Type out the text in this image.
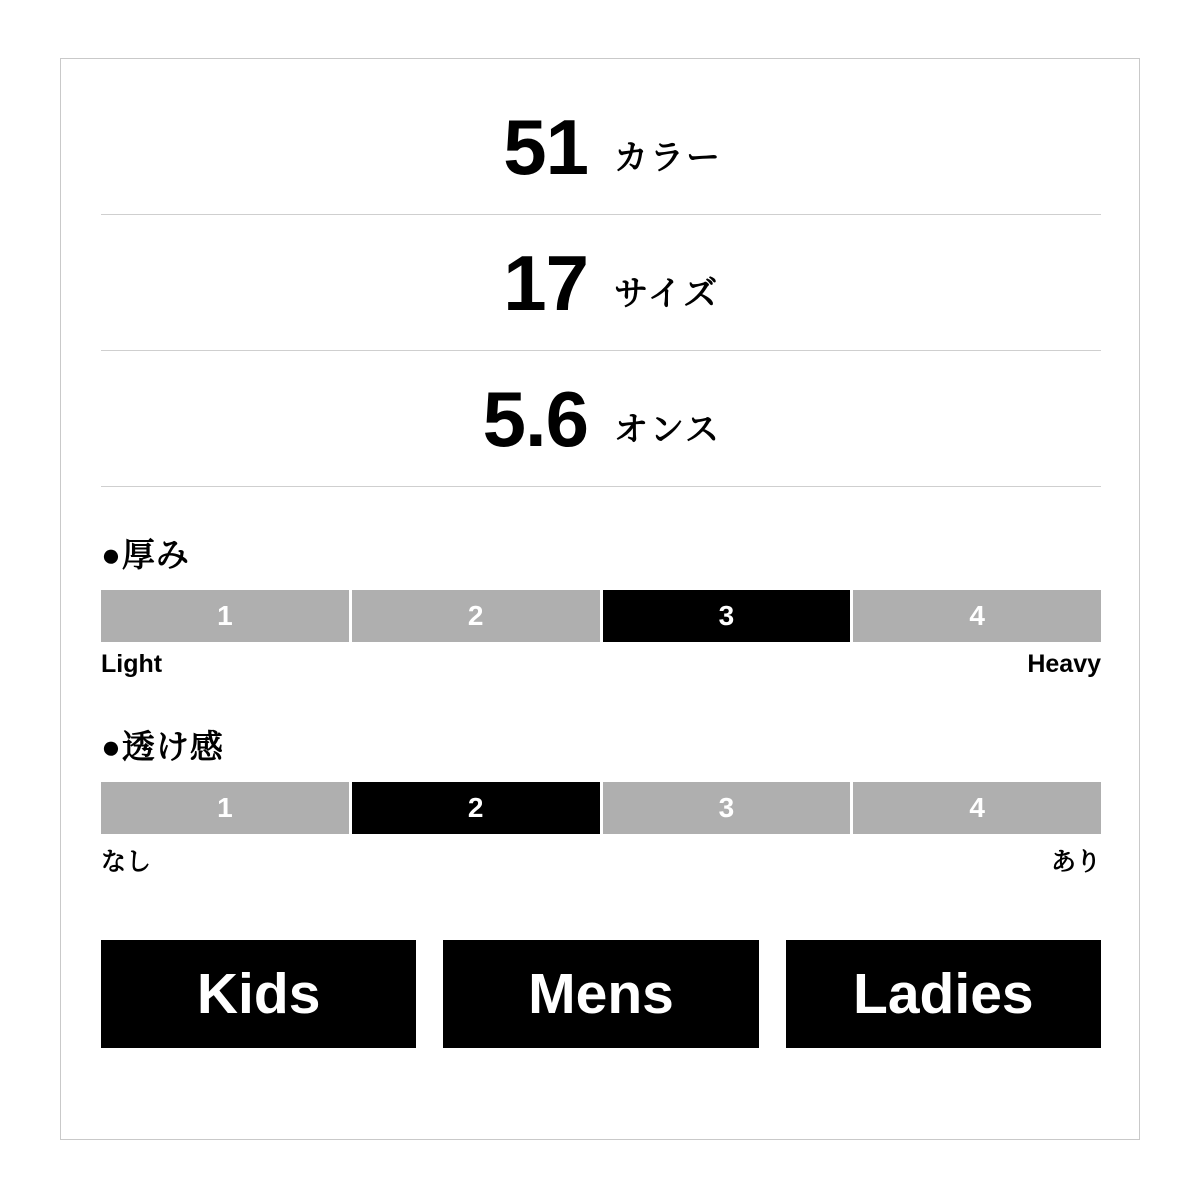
51 カラー
17 サイズ
5.6 オンス
●厚み
1	2	3	4
Light	Heavy
●透け感
1	2	3	4
なし	あり
Kids	Mens	Ladies
